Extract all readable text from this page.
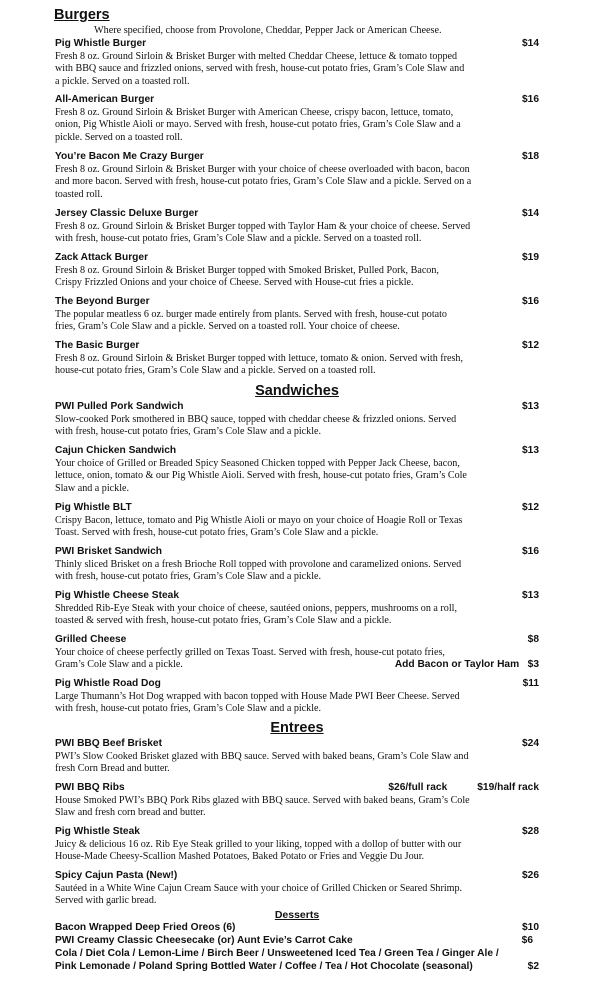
Burgers
Where specified, choose from Provolone, Cheddar, Pepper Jack or American Cheese.
Pig Whistle Burger	$14
Fresh 8 oz. Ground Sirloin & Brisket Burger with melted Cheddar Cheese, lettuce & tomato topped
with BBQ sauce and frizzled onions, served with fresh, house-cut potato fries, Gram’s Cole Slaw and
a pickle. Served on a toasted roll.
All-American Burger	$16
Fresh 8 oz. Ground Sirloin & Brisket Burger with American Cheese, crispy bacon, lettuce, tomato,
onion, Pig Whistle Aioli or mayo. Served with fresh, house-cut potato fries, Gram’s Cole Slaw and a
pickle. Served on a toasted roll.
You’re Bacon Me Crazy Burger	$18
Fresh 8 oz. Ground Sirloin & Brisket Burger with your choice of cheese overloaded with bacon, bacon
and more bacon. Served with fresh, house-cut potato fries, Gram’s Cole Slaw and a pickle. Served on a
toasted roll.
Jersey Classic Deluxe Burger	$14
Fresh 8 oz. Ground Sirloin & Brisket Burger topped with Taylor Ham & your choice of cheese. Served
with fresh, house-cut potato fries, Gram’s Cole Slaw and a pickle. Served on a toasted roll.
Zack Attack Burger	$19
Fresh 8 oz. Ground Sirloin & Brisket Burger topped with Smoked Brisket, Pulled Pork, Bacon,
Crispy Frizzled Onions and your choice of Cheese. Served with House-cut fries a pickle.
The Beyond Burger	$16
The popular meatless 6 oz. burger made entirely from plants. Served with fresh, house-cut potato
fries, Gram’s Cole Slaw and a pickle. Served on a toasted roll. Your choice of cheese.
The Basic Burger	$12
Fresh 8 oz. Ground Sirloin & Brisket Burger topped with lettuce, tomato & onion. Served with fresh,
house-cut potato fries, Gram’s Cole Slaw and a pickle. Served on a toasted roll.
Sandwiches
PWI Pulled Pork Sandwich	$13
Slow-cooked Pork smothered in BBQ sauce, topped with cheddar cheese & frizzled onions. Served
with fresh, house-cut potato fries, Gram’s Cole Slaw and a pickle.
Cajun Chicken Sandwich	$13
Your choice of Grilled or Breaded Spicy Seasoned Chicken topped with Pepper Jack Cheese, bacon,
lettuce, onion, tomato & our Pig Whistle Aioli. Served with fresh, house-cut potato fries, Gram’s Cole
Slaw and a pickle.
Pig Whistle BLT	$12
Crispy Bacon, lettuce, tomato and Pig Whistle Aioli or mayo on your choice of Hoagie Roll or Texas
Toast. Served with fresh, house-cut potato fries, Gram’s Cole Slaw and a pickle.
PWI Brisket Sandwich	$16
Thinly sliced Brisket on a fresh Brioche Roll topped with provolone and caramelized onions. Served
with fresh, house-cut potato fries, Gram’s Cole Slaw and a pickle.
Pig Whistle Cheese Steak	$13
Shredded Rib-Eye Steak with your choice of cheese, sautéed onions, peppers, mushrooms on a roll,
toasted & served with fresh, house-cut potato fries, Gram’s Cole Slaw and a pickle.
Grilled Cheese	$8
Your choice of cheese perfectly grilled on Texas Toast. Served with fresh, house-cut potato fries,
Gram’s Cole Slaw and a pickle.	Add Bacon or Taylor Ham $3
Pig Whistle Road Dog	$11
Large Thumann’s Hot Dog wrapped with bacon topped with House Made PWI Beer Cheese. Served
with fresh, house-cut potato fries, Gram’s Cole Slaw and a pickle.
Entrees
PWI BBQ Beef Brisket	$24
PWI’s Slow Cooked Brisket glazed with BBQ sauce. Served with baked beans, Gram’s Cole Slaw and
fresh Corn Bread and butter.
PWI BBQ Ribs	$26/full rack	$19/half rack
House Smoked PWI’s BBQ Pork Ribs glazed with BBQ sauce. Served with baked beans, Gram’s Cole
Slaw and fresh corn bread and butter.
Pig Whistle Steak	$28
Juicy & delicious 16 oz. Rib Eye Steak grilled to your liking, topped with a dollop of butter with our
House-Made Cheesy-Scallion Mashed Potatoes, Baked Potato or Fries and Veggie Du Jour.
Spicy Cajun Pasta (New!)	$26
Sautéed in a White Wine Cajun Cream Sauce with your choice of Grilled Chicken or Seared Shrimp.
Served with garlic bread.
Desserts
Bacon Wrapped Deep Fried Oreos (6)	$10
PWI Creamy Classic Cheesecake (or) Aunt Evie’s Carrot Cake	$6
Cola / Diet Cola / Lemon-Lime / Birch Beer / Unsweetened Iced Tea / Green Tea / Ginger Ale /
Pink Lemonade / Poland Spring Bottled Water / Coffee / Tea / Hot Chocolate (seasonal)	$2
